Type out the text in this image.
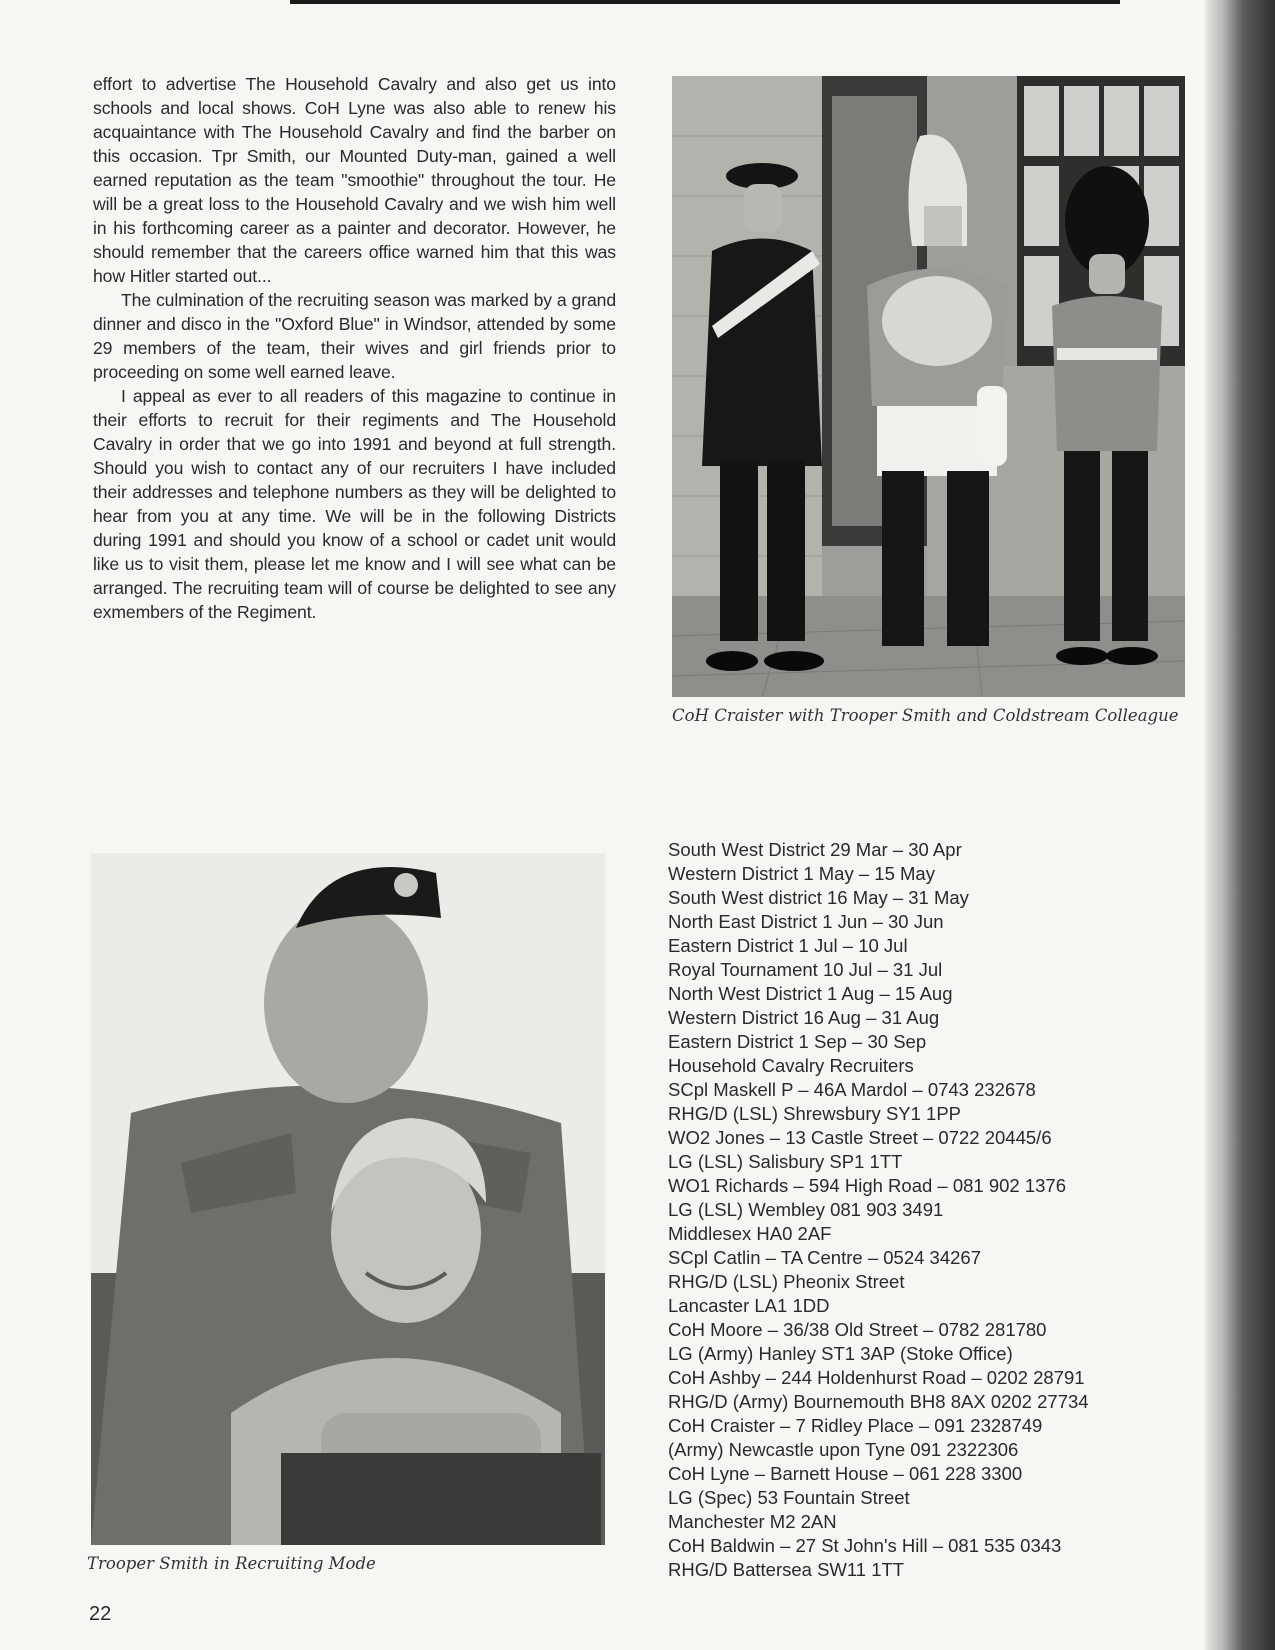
effort to advertise The Household Cavalry and also get us into schools and local shows. CoH Lyne was also able to renew his acquaintance with The Household Cavalry and find the barber on this occasion. Tpr Smith, our Mounted Duty-man, gained a well earned reputation as the team "smoothie" throughout the tour. He will be a great loss to the Household Cavalry and we wish him well in his forthcoming career as a painter and decorator. However, he should remember that the careers office warned him that this was how Hitler started out...

The culmination of the recruiting season was marked by a grand dinner and disco in the "Oxford Blue" in Windsor, attended by some 29 members of the team, their wives and girl friends prior to proceeding on some well earned leave.

I appeal as ever to all readers of this magazine to continue in their efforts to recruit for their regiments and The Household Cavalry in order that we go into 1991 and beyond at full strength. Should you wish to contact any of our recruiters I have included their addresses and telephone numbers as they will be delighted to hear from you at any time. We will be in the following Districts during 1991 and should you know of a school or cadet unit would like us to visit them, please let me know and I will see what can be arranged. The recruiting team will of course be delighted to see any exmembers of the Regiment.

CoH Craister with Trooper Smith and Coldstream Colleague

Trooper Smith in Recruiting Mode

South West District 29 Mar – 30 Apr
Western District 1 May – 15 May
South West district 16 May – 31 May
North East District 1 Jun – 30 Jun
Eastern District 1 Jul – 10 Jul
Royal Tournament 10 Jul – 31 Jul
North West District 1 Aug – 15 Aug
Western District 16 Aug – 31 Aug
Eastern District 1 Sep – 30 Sep
Household Cavalry Recruiters
SCpl Maskell P – 46A Mardol – 0743 232678
RHG/D (LSL) Shrewsbury SY1 1PP
WO2 Jones – 13 Castle Street – 0722 20445/6
LG (LSL) Salisbury SP1 1TT
WO1 Richards – 594 High Road – 081 902 1376
LG (LSL) Wembley 081 903 3491
Middlesex HA0 2AF
SCpl Catlin – TA Centre – 0524 34267
RHG/D (LSL) Pheonix Street
Lancaster LA1 1DD
CoH Moore – 36/38 Old Street – 0782 281780
LG (Army) Hanley ST1 3AP (Stoke Office)
CoH Ashby – 244 Holdenhurst Road – 0202 28791
RHG/D (Army) Bournemouth BH8 8AX 0202 27734
CoH Craister – 7 Ridley Place – 091 2328749
(Army) Newcastle upon Tyne 091 2322306
CoH Lyne – Barnett House – 061 228 3300
LG (Spec) 53 Fountain Street
Manchester M2 2AN
CoH Baldwin – 27 St John's Hill – 081 535 0343
RHG/D Battersea SW11 1TT

22
